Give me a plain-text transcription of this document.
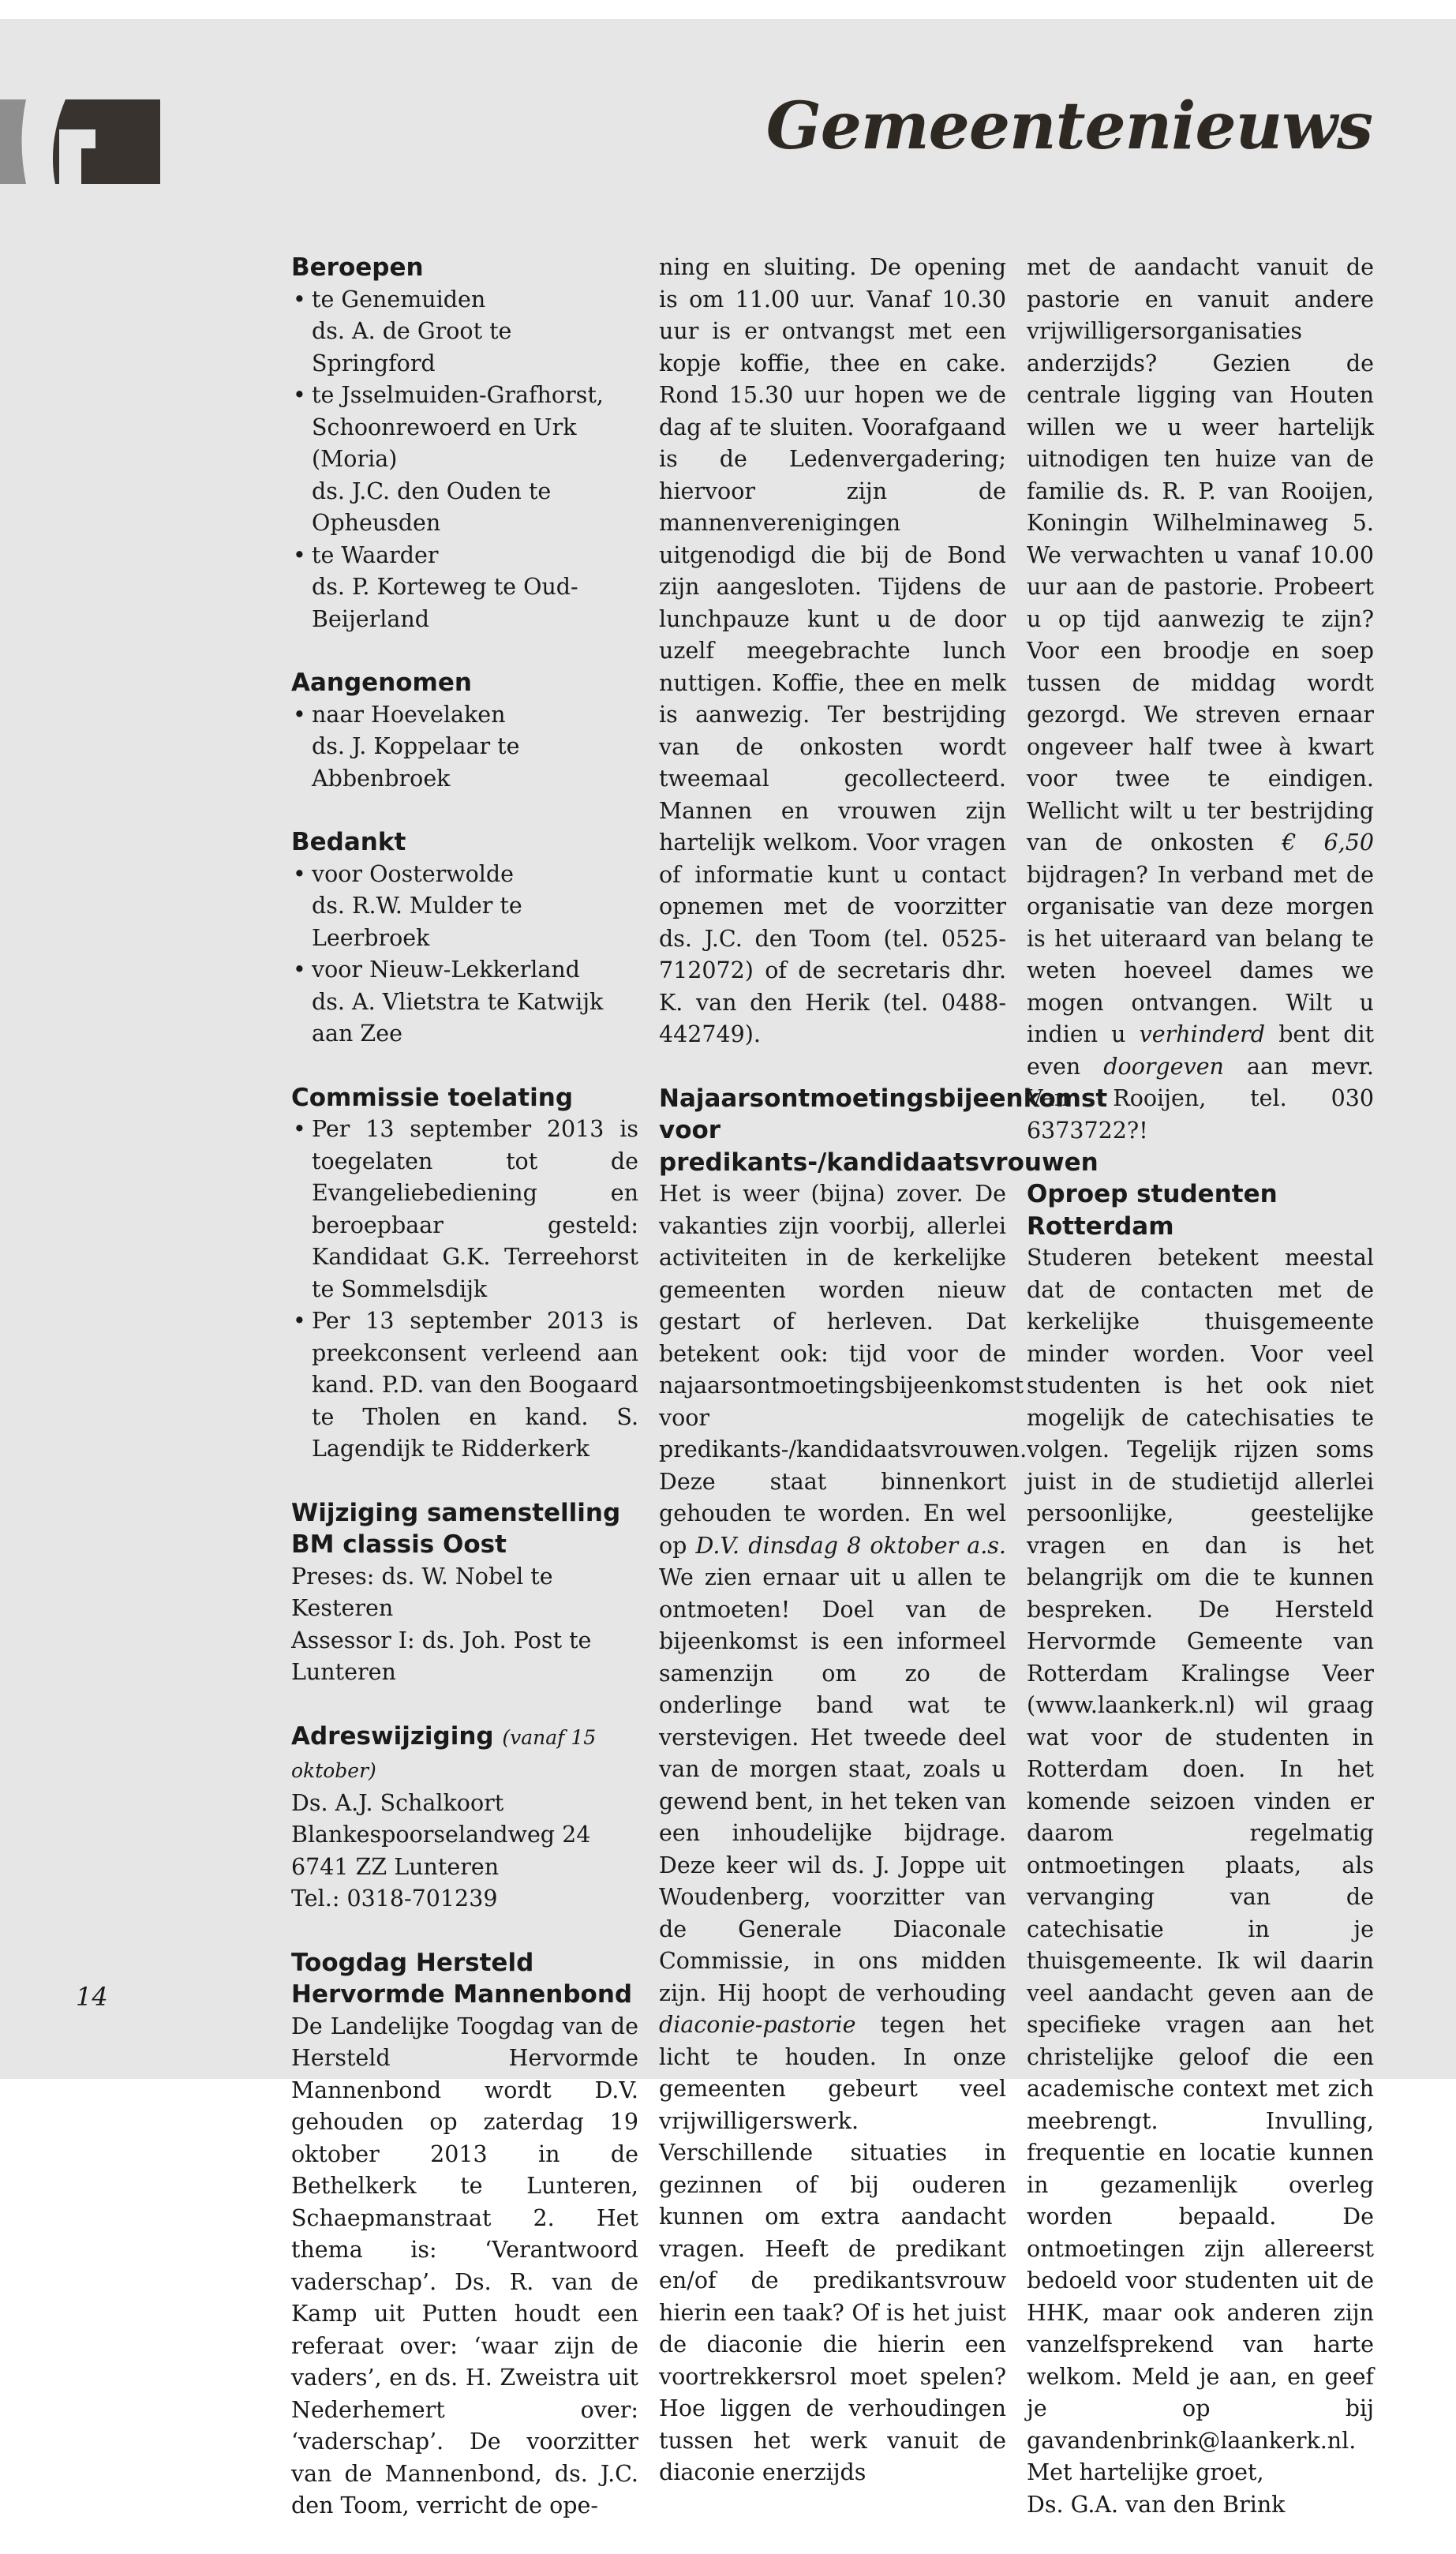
Gemeentenieuws
Beroepen
• te Genemuiden
ds. A. de Groot te Springford
• te Jsselmuiden-Grafhorst,
Schoonrewoerd en Urk (Moria)
ds. J.C. den Ouden te Opheusden
• te Waarder
ds. P. Korteweg te Oud-Beijerland
Aangenomen
• naar Hoevelaken
ds. J. Koppelaar te Abbenbroek
Bedankt
• voor Oosterwolde
ds. R.W. Mulder te Leerbroek
• voor Nieuw-Lekkerland
ds. A. Vlietstra te Katwijk aan Zee
Commissie toelating

• Per 13 september 2013 is toegelaten tot de Evangeliebediening en beroepbaar gesteld: Kandidaat G.K. Terreehorst te Sommelsdijk

• Per 13 september 2013 is preekconsent verleend aan kand. P.D. van den Boogaard te Tholen en kand. S. Lagendijk te Ridderkerk

Wijziging samenstelling
BM classis Oost
Preses: ds. W. Nobel te Kesteren
Assessor I: ds. Joh. Post te Lunteren
Adreswijziging (vanaf 15 oktober)
Ds. A.J. Schalkoort
Blankespoorselandweg 24
6741 ZZ Lunteren
Tel.: 0318-701239
Toogdag Hersteld Hervormde Mannenbond

De Landelijke Toogdag van de Hersteld Hervormde Mannenbond wordt D.V. gehouden op zaterdag 19 oktober 2013 in de Bethelkerk te Lunteren, Schaepmanstraat 2. Het thema is: ‘Verantwoord vaderschap’. Ds. R. van de Kamp uit Putten houdt een referaat over: ‘waar zijn de vaders’, en ds. H. Zweistra uit Nederhemert over: ‘vaderschap’. De voorzitter van de Mannenbond, ds. J.C. den Toom, verricht de ope-

ning en sluiting. De opening is om 11.00 uur. Vanaf 10.30 uur is er ontvangst met een kopje koffie, thee en cake. Rond 15.30 uur hopen we de dag af te sluiten. Voorafgaand is de Ledenvergadering; hiervoor zijn de mannenverenigingen uitgenodigd die bij de Bond zijn aangesloten. Tijdens de lunchpauze kunt u de door uzelf meegebrachte lunch nuttigen. Koffie, thee en melk is aanwezig. Ter bestrijding van de onkosten wordt tweemaal gecollecteerd. Mannen en vrouwen zijn hartelijk welkom. Voor vragen of informatie kunt u contact opnemen met de voorzitter ds. J.C. den Toom (tel. 0525-712072) of de secretaris dhr. K. van den Herik (tel. 0488-442749).

Najaarsontmoetingsbijeenkomst voor predikants-/kandidaatsvrouwen

Het is weer (bijna) zover. De vakanties zijn voorbij, allerlei activiteiten in de kerkelijke gemeenten worden nieuw gestart of herleven. Dat betekent ook: tijd voor de najaarsontmoetingsbijeenkomst voor predikants-/kandidaatsvrouwen. Deze staat binnenkort gehouden te worden. En wel op D.V. dinsdag 8 oktober a.s. We zien ernaar uit u allen te ontmoeten! Doel van de bijeenkomst is een informeel samenzijn om zo de onderlinge band wat te verstevigen. Het tweede deel van de morgen staat, zoals u gewend bent, in het teken van een inhoudelijke bijdrage. Deze keer wil ds. J. Joppe uit Woudenberg, voorzitter van de Generale Diaconale Commissie, in ons midden zijn. Hij hoopt de verhouding diaconie-pastorie tegen het licht te houden. In onze gemeenten gebeurt veel vrijwilligerswerk. Verschillende situaties in gezinnen of bij ouderen kunnen om extra aandacht vragen. Heeft de predikant en/of de predikantsvrouw hierin een taak? Of is het juist de diaconie die hierin een voortrekkersrol moet spelen? Hoe liggen de verhoudingen tussen het werk vanuit de diaconie enerzijds

met de aandacht vanuit de pastorie en vanuit andere vrijwilligersorganisaties anderzijds? Gezien de centrale ligging van Houten willen we u weer hartelijk uitnodigen ten huize van de familie ds. R. P. van Rooijen, Koningin Wilhelminaweg 5. We verwachten u vanaf 10.00 uur aan de pastorie. Probeert u op tijd aanwezig te zijn? Voor een broodje en soep tussen de middag wordt gezorgd. We streven ernaar ongeveer half twee à kwart voor twee te eindigen. Wellicht wilt u ter bestrijding van de onkosten € 6,50 bijdragen? In verband met de organisatie van deze morgen is het uiteraard van belang te weten hoeveel dames we mogen ontvangen. Wilt u indien u verhinderd bent dit even doorgeven aan mevr. Van Rooijen, tel. 030 6373722?!

Oproep studenten Rotterdam

Studeren betekent meestal dat de contacten met de kerkelijke thuisgemeente minder worden. Voor veel studenten is het ook niet mogelijk de catechisaties te volgen. Tegelijk rijzen soms juist in de studietijd allerlei persoonlijke, geestelijke vragen en dan is het belangrijk om die te kunnen bespreken. De Hersteld Hervormde Gemeente van Rotterdam Kralingse Veer (www.laankerk.nl) wil graag wat voor de studenten in Rotterdam doen. In het komende seizoen vinden er daarom regelmatig ontmoetingen plaats, als vervanging van de catechisatie in je thuisgemeente. Ik wil daarin veel aandacht geven aan de specifieke vragen aan het christelijke geloof die een academische context met zich meebrengt. Invulling, frequentie en locatie kunnen in gezamenlijk overleg worden bepaald. De ontmoetingen zijn allereerst bedoeld voor studenten uit de HHK, maar ook anderen zijn vanzelfsprekend van harte welkom. Meld je aan, en geef je op bij gavandenbrink@laankerk.nl.

Met hartelijke groet,
Ds. G.A. van den Brink
14
